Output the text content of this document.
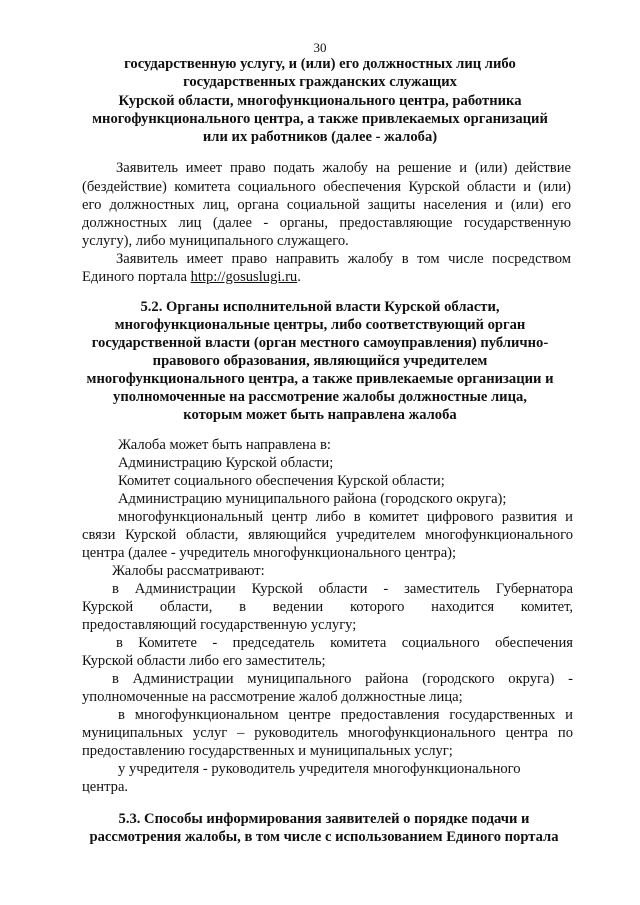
30
государственную услугу, и (или) его должностных лиц либо
государственных гражданских служащих
Курской области, многофункционального центра, работника
многофункционального центра, а также привлекаемых организаций
или их работников (далее - жалоба)
Заявитель имеет право подать жалобу на решение и (или) действие
(бездействие) комитета социального обеспечения Курской области и (или)
его должностных лиц, органа социальной защиты населения и (или) его
должностных лиц (далее - органы, предоставляющие государственную
услугу), либо муниципального служащего.
Заявитель имеет право направить жалобу в том числе посредством
Единого портала http://gosuslugi.ru.
5.2. Органы исполнительной власти Курской области,
многофункциональные центры, либо соответствующий орган
государственной власти (орган местного самоуправления) публично-
правового образования, являющийся учредителем
многофункционального центра, а также привлекаемые организации и
уполномоченные на рассмотрение жалобы должностные лица,
которым может быть направлена жалоба
Жалоба может быть направлена в:
Администрацию Курской области;
Комитет социального обеспечения Курской области;
Администрацию муниципального района (городского округа);
многофункциональный центр либо в комитет цифрового развития и
связи Курской области, являющийся учредителем многофункционального
центра (далее - учредитель многофункционального центра);
Жалобы рассматривают:
в Администрации Курской области - заместитель Губернатора
Курской области, в ведении которого находится комитет,
предоставляющий государственную услугу;
в Комитете - председатель комитета социального обеспечения
Курской области либо его заместитель;
в Администрации муниципального района (городского округа) -
уполномоченные на рассмотрение жалоб должностные лица;
в многофункциональном центре предоставления государственных и
муниципальных услуг – руководитель многофункционального центра по
предоставлению государственных и муниципальных услуг;
у учредителя - руководитель учредителя многофункционального
центра.
5.3. Способы информирования заявителей о порядке подачи и
рассмотрения жалобы, в том числе с использованием Единого портала
